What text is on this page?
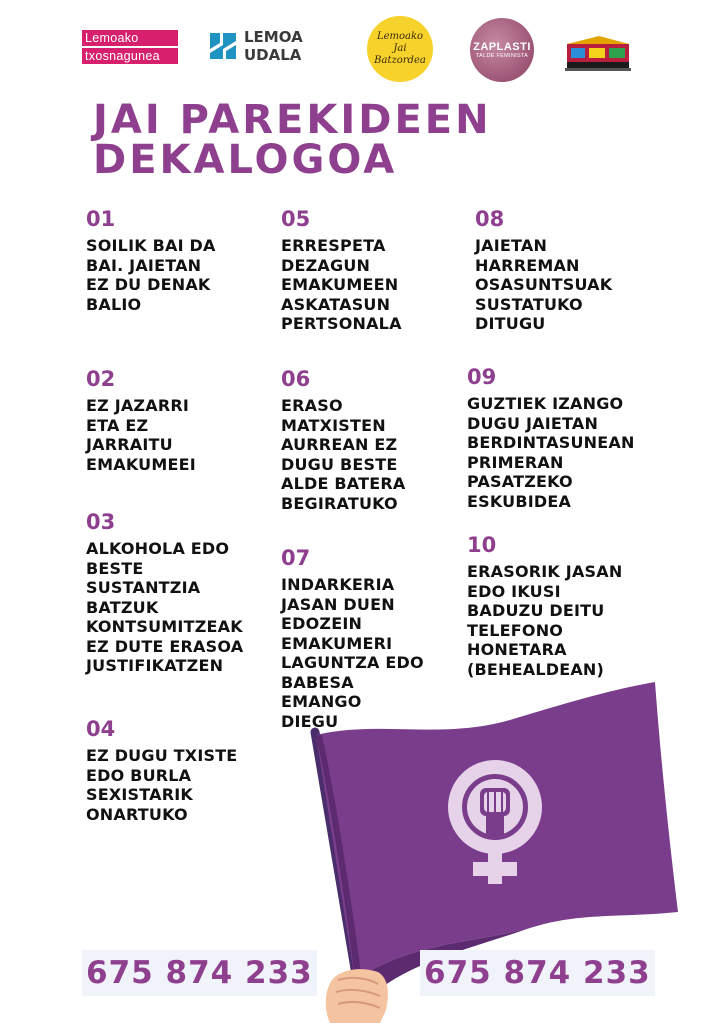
Lemoako
txosnagunea
LEMOA
UDALA
Lemoako
Jai
Batzordea
ZAPLASTI
TALDE FEMINISTA
JAI PAREKIDEEN
DEKALOGOA
01
SOILIK BAI DA
BAI. JAIETAN
EZ DU DENAK
BALIO
02
EZ JAZARRI
ETA EZ
JARRAITU
EMAKUMEEI
03
ALKOHOLA EDO
BESTE
SUSTANTZIA
BATZUK
KONTSUMITZEAK
EZ DUTE ERASOA
JUSTIFIKATZEN
04
EZ DUGU TXISTE
EDO BURLA
SEXISTARIK
ONARTUKO
05
ERRESPETA
DEZAGUN
EMAKUMEEN
ASKATASUN
PERTSONALA
06
ERASO
MATXISTEN
AURREAN EZ
DUGU BESTE
ALDE BATERA
BEGIRATUKO
07
INDARKERIA
JASAN DUEN
EDOZEIN
EMAKUMERI
LAGUNTZA EDO
BABESA
EMANGO
DIEGU
08
JAIETAN
HARREMAN
OSASUNTSUAK
SUSTATUKO
DITUGU
09
GUZTIEK IZANGO
DUGU JAIETAN
BERDINTASUNEAN
PRIMERAN
PASATZEKO
ESKUBIDEA
10
ERASORIK JASAN
EDO IKUSI
BADUZU DEITU
TELEFONO
HONETARA
(BEHEALDEAN)
675 874 233	675 874 233
